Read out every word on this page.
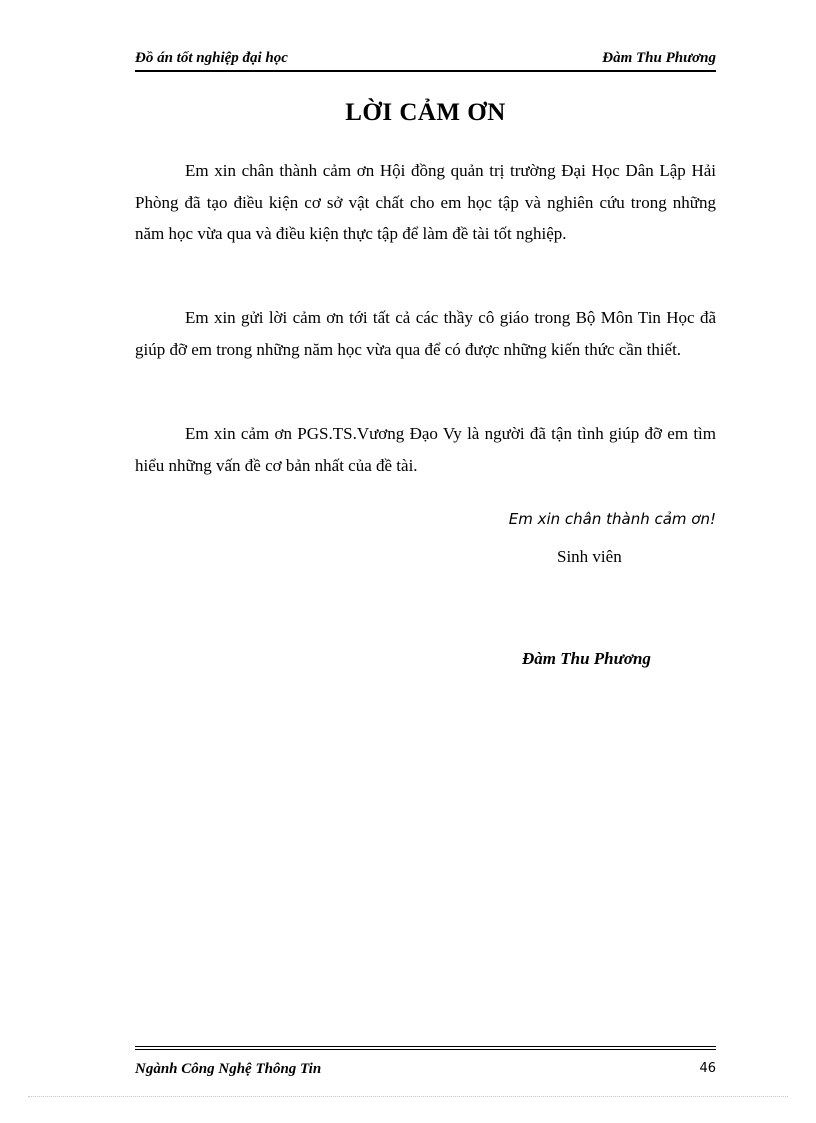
Đồ án tốt nghiệp đại học	Đàm Thu Phương
LỜI CẢM ƠN

Em xin chân thành cảm ơn Hội đồng quản trị trường Đại Học Dân Lập Hải Phòng đã tạo điều kiện cơ sở vật chất cho em học tập và nghiên cứu trong những năm học vừa qua và điều kiện thực tập để làm đề tài tốt nghiệp.

Em xin gửi lời cảm ơn tới tất cả các thầy cô giáo trong Bộ Môn Tin Học đã giúp đỡ em trong những năm học vừa qua để có được những kiến thức cần thiết.

Em xin cảm ơn PGS.TS.Vương Đạo Vy là người đã tận tình giúp đỡ em tìm hiểu những vấn đề cơ bản nhất của đề tài.

Em xin chân thành cảm ơn!
Sinh viên
Đàm Thu Phương
Ngành Công Nghệ Thông Tin	46
